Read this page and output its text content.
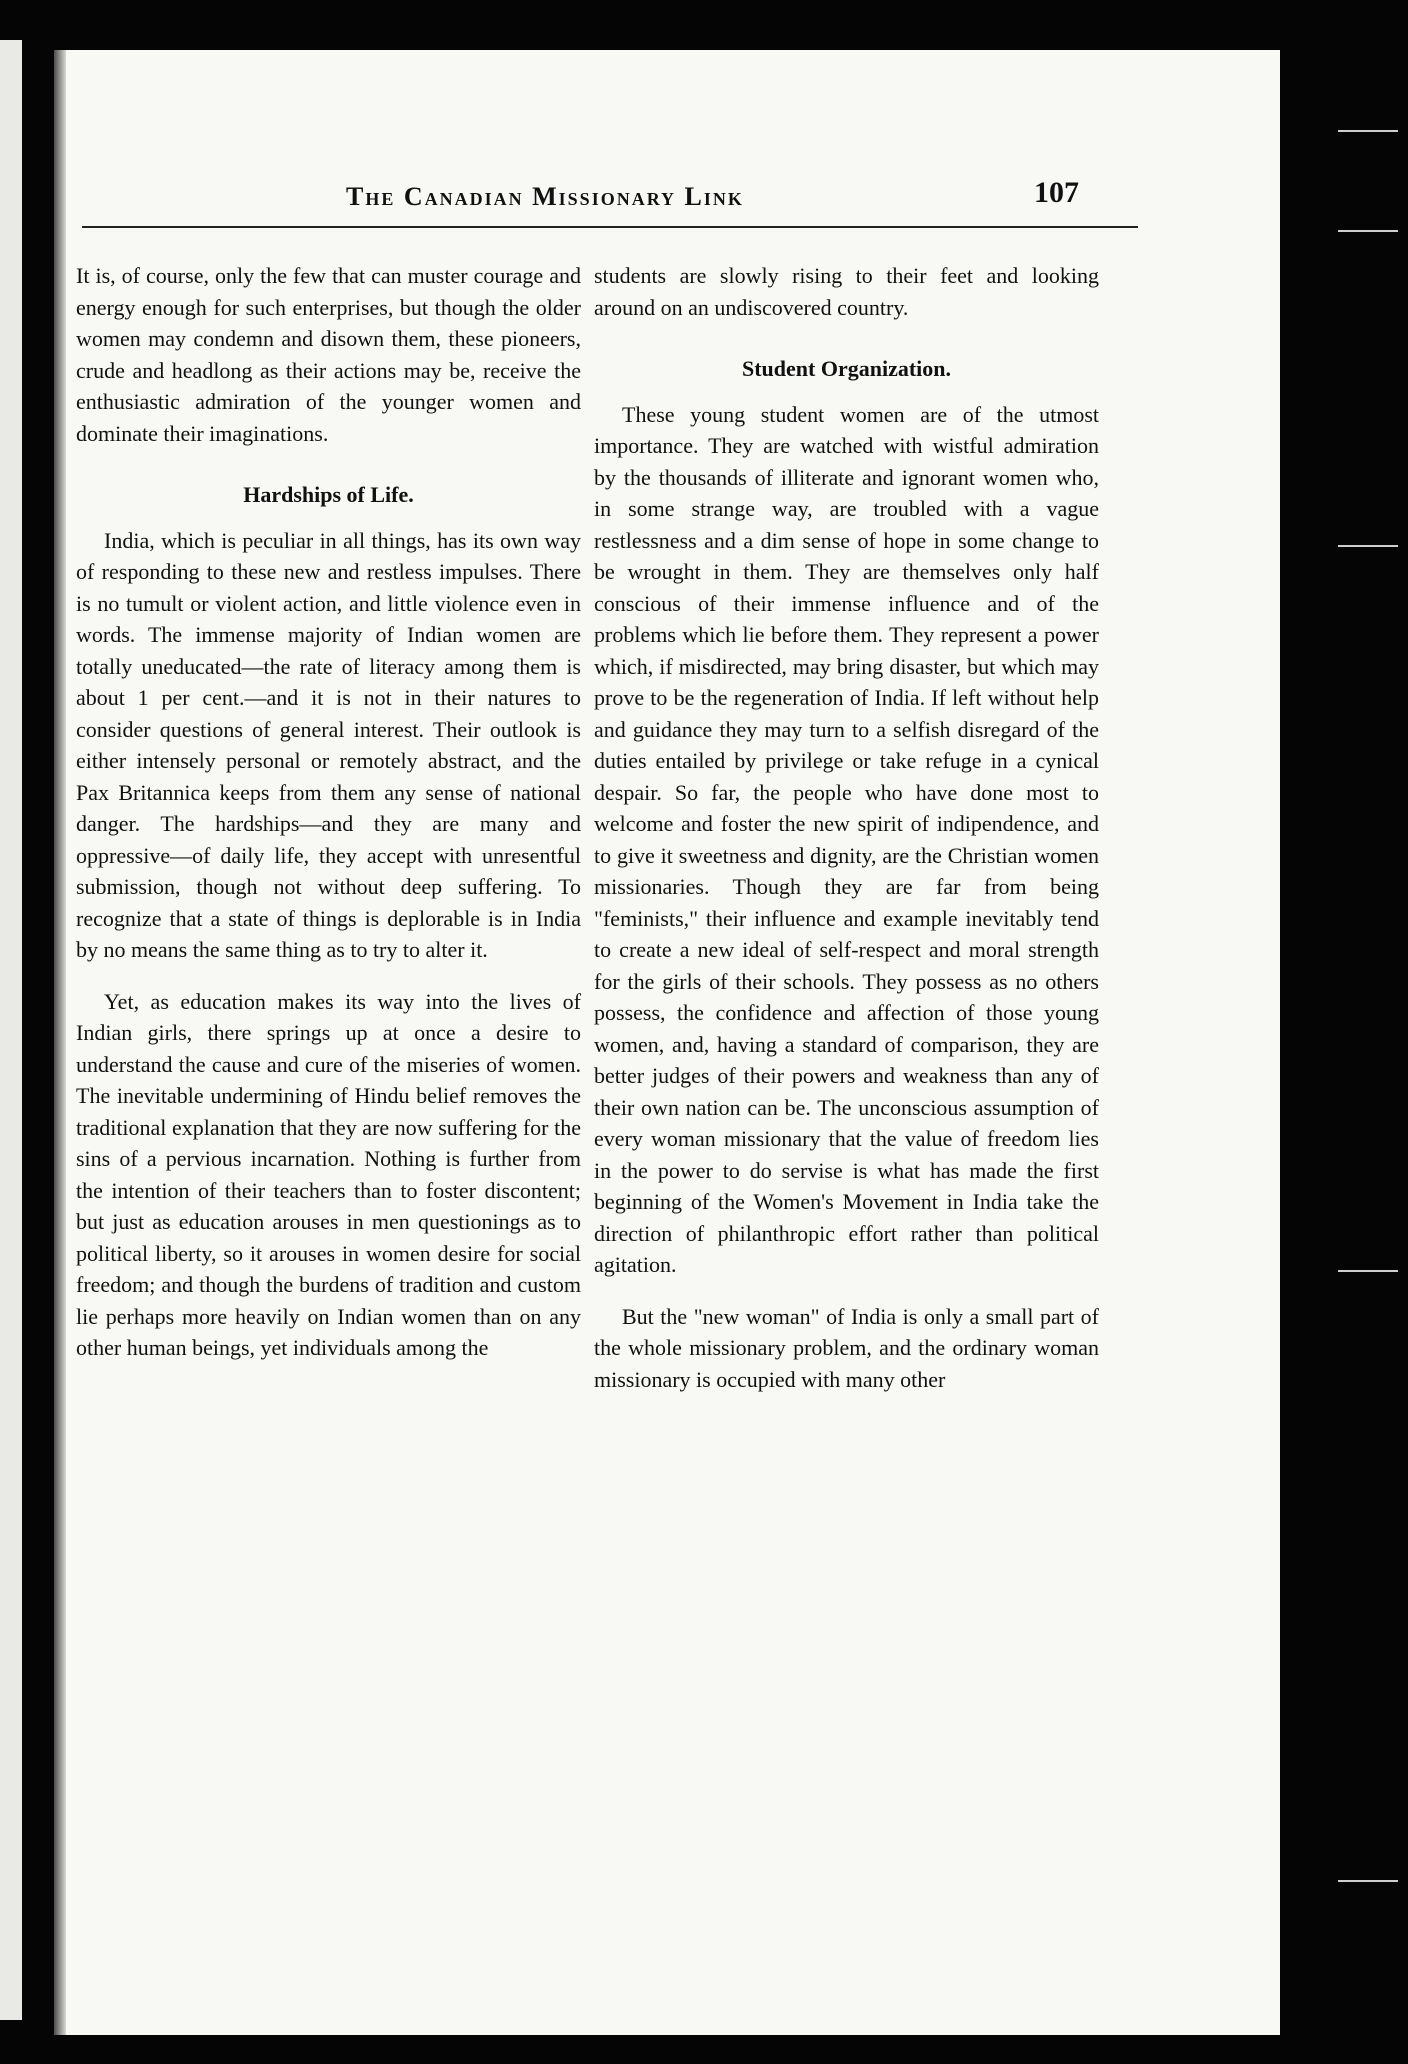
The Canadian Missionary Link	107

It is, of course, only the few that can muster courage and energy enough for such enterprises, but though the older women may condemn and disown them, these pioneers, crude and headlong as their actions may be, receive the enthusiastic admiration of the younger women and dominate their imaginations.

Hardships of Life.

India, which is peculiar in all things, has its own way of responding to these new and restless impulses. There is no tumult or violent action, and little violence even in words. The immense majority of Indian women are totally uneducated—the rate of literacy among them is about 1 per cent.—and it is not in their natures to consider questions of general interest. Their outlook is either intensely personal or remotely abstract, and the Pax Britannica keeps from them any sense of national danger. The hardships—and they are many and oppressive—of daily life, they accept with unresentful submission, though not without deep suffering. To recognize that a state of things is deplorable is in India by no means the same thing as to try to alter it.

Yet, as education makes its way into the lives of Indian girls, there springs up at once a desire to understand the cause and cure of the miseries of women. The inevitable undermining of Hindu belief removes the traditional explanation that they are now suffering for the sins of a pervious incarnation. Nothing is further from the intention of their teachers than to foster discontent; but just as education arouses in men questionings as to political liberty, so it arouses in women desire for social freedom; and though the burdens of tradition and custom lie perhaps more heavily on Indian women than on any other human beings, yet individuals among the

students are slowly rising to their feet and looking around on an undiscovered country.

Student Organization.

These young student women are of the utmost importance. They are watched with wistful admiration by the thousands of illiterate and ignorant women who, in some strange way, are troubled with a vague restlessness and a dim sense of hope in some change to be wrought in them. They are themselves only half conscious of their immense influence and of the problems which lie before them. They represent a power which, if misdirected, may bring disaster, but which may prove to be the regeneration of India. If left without help and guidance they may turn to a selfish disregard of the duties entailed by privilege or take refuge in a cynical despair. So far, the people who have done most to welcome and foster the new spirit of indipendence, and to give it sweetness and dignity, are the Christian women missionaries. Though they are far from being "feminists," their influence and example inevitably tend to create a new ideal of self-respect and moral strength for the girls of their schools. They possess as no others possess, the confidence and affection of those young women, and, having a standard of comparison, they are better judges of their powers and weakness than any of their own nation can be. The unconscious assumption of every woman missionary that the value of freedom lies in the power to do servise is what has made the first beginning of the Women's Movement in India take the direction of philanthropic effort rather than political agitation.

But the "new woman" of India is only a small part of the whole missionary problem, and the ordinary woman missionary is occupied with many other
